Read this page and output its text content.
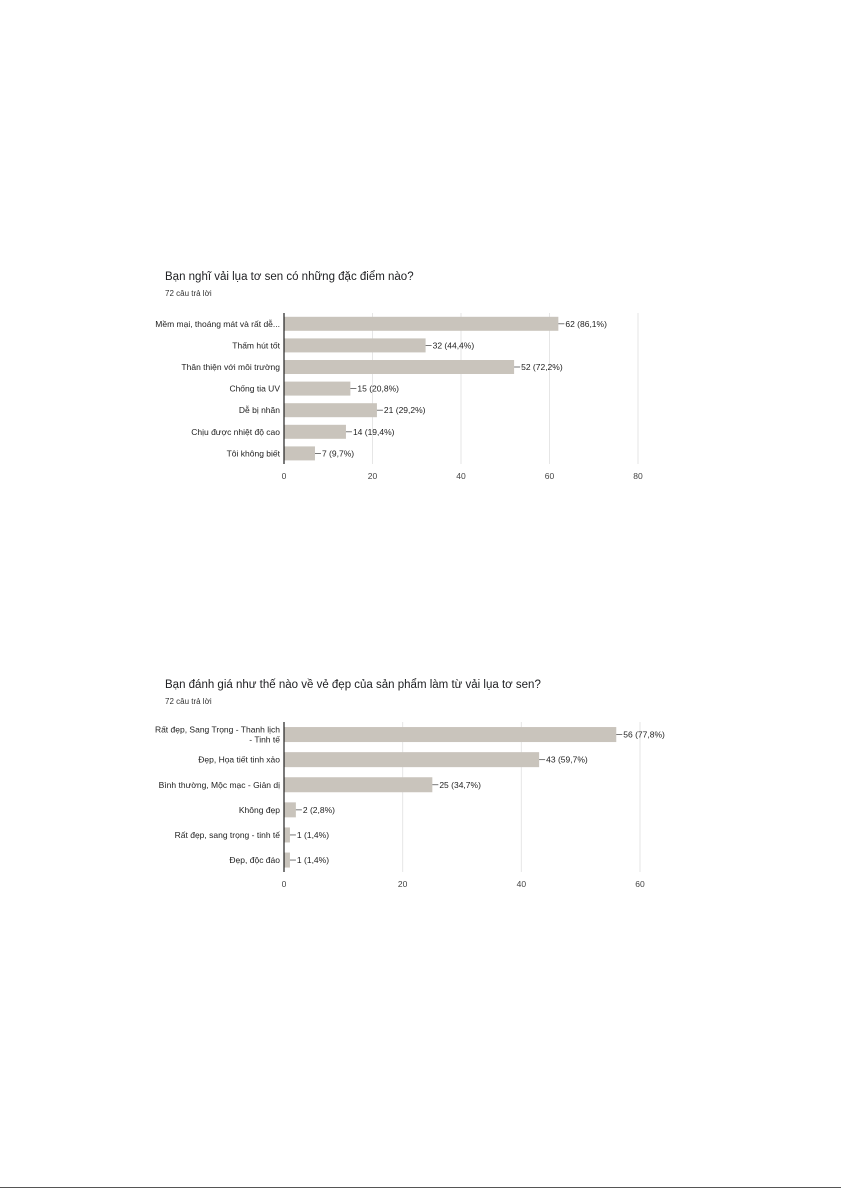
Bạn nghĩ vải lụa tơ sen có những đặc điểm nào?
72 câu trả lời
0	20	40	60	80
62 (86,1%)
Mềm mại, thoáng mát và rất dễ...
32 (44,4%)
Thấm hút tốt
52 (72,2%)
Thân thiện với môi trường
15 (20,8%)
Chống tia UV
21 (29,2%)
Dễ bị nhăn
14 (19,4%)
Chịu được nhiệt độ cao
7 (9,7%)
Tôi không biết
Bạn đánh giá như thế nào về vẻ đẹp của sản phẩm làm từ vải lụa tơ sen?
72 câu trả lời
0	20	40	60
56 (77,8%)
Rất đẹp, Sang Trọng - Thanh lịch
- Tinh tế
43 (59,7%)
Đẹp, Họa tiết tinh xảo
25 (34,7%)
Bình thường, Mộc mạc - Giản dị
2 (2,8%)
Không đẹp
1 (1,4%)
Rất đẹp, sang trọng - tinh tế
1 (1,4%)
Đẹp, độc đáo
